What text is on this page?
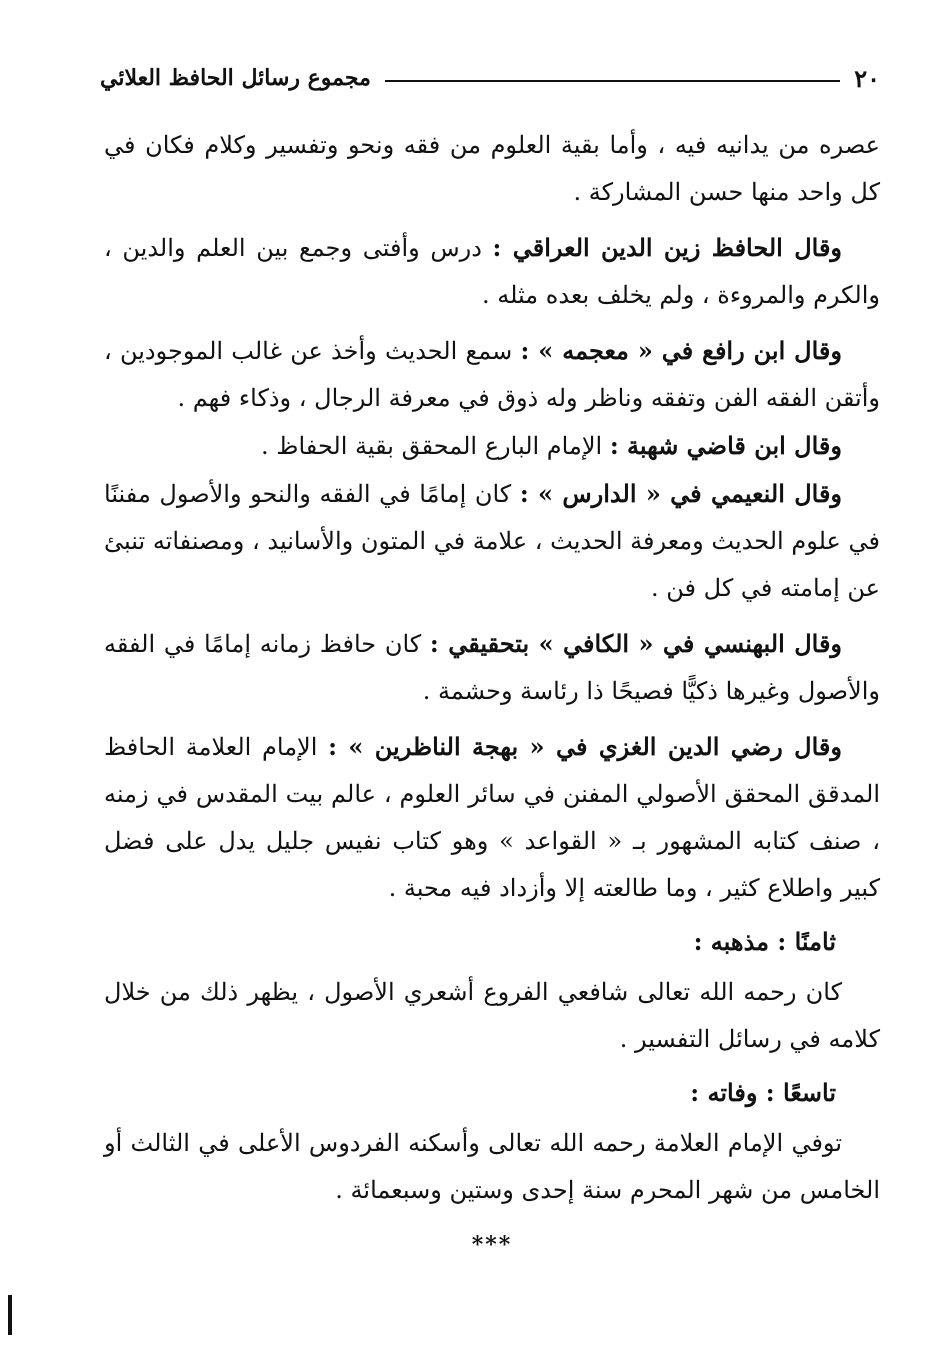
٢٠
مجموع رسائل الحافظ العلائي

عصره من يدانيه فيه ، وأما بقية العلوم من فقه ونحو وتفسير وكلام فكان في كل واحد منها حسن المشاركة .

وقال الحافظ زين الدين العراقي : درس وأفتى وجمع بين العلم والدين ، والكرم والمروءة ، ولم يخلف بعده مثله .

وقال ابن رافع في « معجمه » : سمع الحديث وأخذ عن غالب الموجودين ، وأتقن الفقه الفن وتفقه وناظر وله ذوق في معرفة الرجال ، وذكاء فهم .

وقال ابن قاضي شهبة : الإمام البارع المحقق بقية الحفاظ .

وقال النعيمي في « الدارس » : كان إمامًا في الفقه والنحو والأصول مفننًا في علوم الحديث ومعرفة الحديث ، علامة في المتون والأسانيد ، ومصنفاته تنبئ عن إمامته في كل فن .

وقال البهنسي في « الكافي » بتحقيقي : كان حافظ زمانه إمامًا في الفقه والأصول وغيرها ذكيًّا فصيحًا ذا رئاسة وحشمة .

وقال رضي الدين الغزي في « بهجة الناظرين » : الإمام العلامة الحافظ المدقق المحقق الأصولي المفنن في سائر العلوم ، عالم بيت المقدس في زمنه ، صنف كتابه المشهور بـ « القواعد » وهو كتاب نفيس جليل يدل على فضل كبير واطلاع كثير ، وما طالعته إلا وأزداد فيه محبة .

ثامنًا : مذهبه :

كان رحمه الله تعالى شافعي الفروع أشعري الأصول ، يظهر ذلك من خلال كلامه في رسائل التفسير .

تاسعًا : وفاته :

توفي الإمام العلامة رحمه الله تعالى وأسكنه الفردوس الأعلى في الثالث أو الخامس من شهر المحرم سنة إحدى وستين وسبعمائة .

***
